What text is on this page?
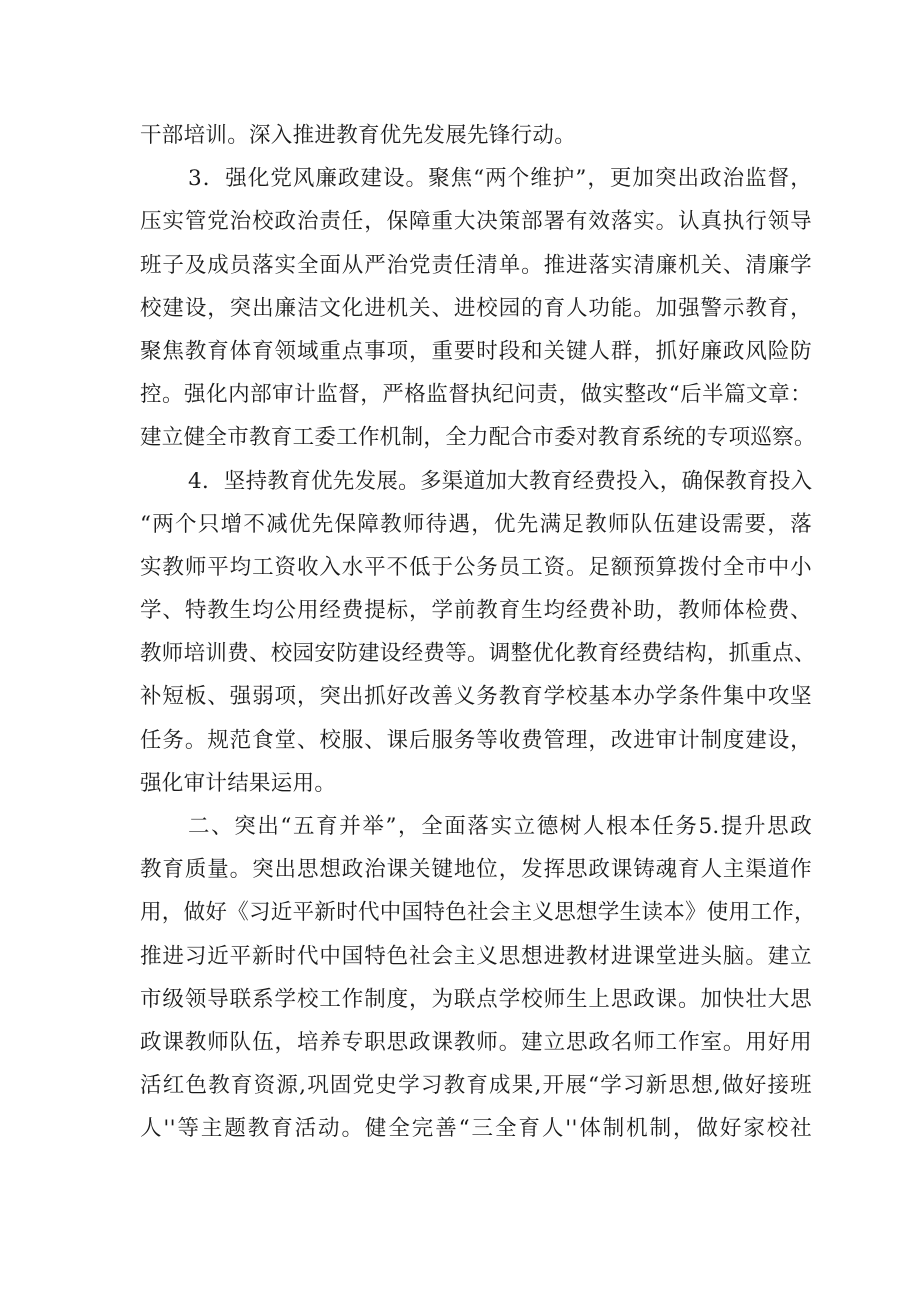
干部培训。深入推进教育优先发展先锋行动。
3．强化党风廉政建设。聚焦“两个维护”，更加突出政治监督，
压实管党治校政治责任，保障重大决策部署有效落实。认真执行领导
班子及成员落实全面从严治党责任清单。推进落实清廉机关、清廉学
校建设，突出廉洁文化进机关、进校园的育人功能。加强警示教育，
聚焦教育体育领域重点事项，重要时段和关键人群，抓好廉政风险防
控。强化内部审计监督，严格监督执纪问责，做实整改“后半篇文章：
建立健全市教育工委工作机制，全力配合市委对教育系统的专项巡察。
4．坚持教育优先发展。多渠道加大教育经费投入，确保教育投入
“两个只增不减优先保障教师待遇，优先满足教师队伍建设需要，落
实教师平均工资收入水平不低于公务员工资。足额预算拨付全市中小
学、特教生均公用经费提标，学前教育生均经费补助，教师体检费、
教师培训费、校园安防建设经费等。调整优化教育经费结构，抓重点、
补短板、强弱项，突出抓好改善义务教育学校基本办学条件集中攻坚
任务。规范食堂、校服、课后服务等收费管理，改进审计制度建设，
强化审计结果运用。
二、突出“五育并举”，全面落实立德树人根本任务5.提升思政
教育质量。突出思想政治课关键地位，发挥思政课铸魂育人主渠道作
用，做好《习近平新时代中国特色社会主义思想学生读本》使用工作，
推进习近平新时代中国特色社会主义思想进教材进课堂进头脑。建立
市级领导联系学校工作制度，为联点学校师生上思政课。加快壮大思
政课教师队伍，培养专职思政课教师。建立思政名师工作室。用好用
活红色教育资源,巩固党史学习教育成果,开展“学习新思想,做好接班
人''等主题教育活动。健全完善“三全育人''体制机制，做好家校社
